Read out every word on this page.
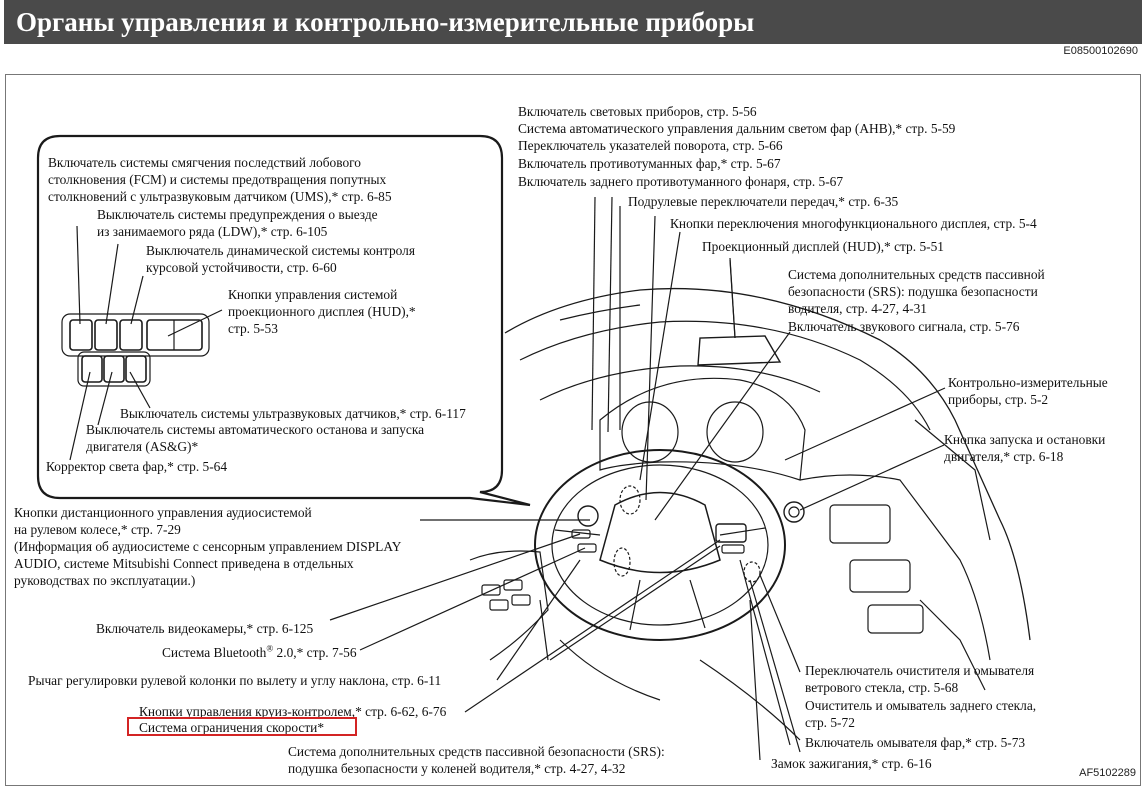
Органы управления и контрольно-измерительные приборы
E08500102690
Включатель световых приборов, стр. 5-56
Система автоматического управления дальним светом фар (AHB),* стр. 5-59
Переключатель указателей поворота, стр. 5-66
Включатель противотуманных фар,* стр. 5-67
Включатель заднего противотуманного фонаря, стр. 5-67
Подрулевые переключатели передач,* стр. 6-35
Кнопки переключения многофункционального дисплея, стр. 5-4
Проекционный дисплей (HUD),* стр. 5-51
Система дополнительных средств пассивной
безопасности (SRS): подушка безопасности
водителя, стр. 4-27, 4-31
Включатель звукового сигнала, стр. 5-76
Контрольно-измерительные
приборы, стр. 5-2
Кнопка запуска и остановки
двигателя,* стр. 6-18
Переключатель очистителя и омывателя
ветрового стекла, стр. 5-68
Очиститель и омыватель заднего стекла,
стр. 5-72
Включатель омывателя фар,* стр. 5-73
Замок зажигания,* стр. 6-16
Система дополнительных средств пассивной безопасности (SRS):
подушка безопасности у коленей водителя,* стр. 4-27, 4-32
Кнопки управления круиз-контролем,* стр. 6-62, 6-76
Система ограничения скорости*
Рычаг регулировки рулевой колонки по вылету и углу наклона, стр. 6-11
Система Bluetooth® 2.0,* стр. 7-56
Включатель видеокамеры,* стр. 6-125
Кнопки дистанционного управления аудиосистемой
на рулевом колесе,* стр. 7-29
(Информация об аудиосистеме с сенсорным управлением DISPLAY
AUDIO, системе Mitsubishi Connect приведена в отдельных
руководствах по эксплуатации.)
Включатель системы смягчения последствий лобового
столкновения (FCM) и системы предотвращения попутных
столкновений с ультразвуковым датчиком (UMS),* стр. 6-85
Выключатель системы предупреждения о выезде
из занимаемого ряда (LDW),* стр. 6-105
Выключатель динамической системы контроля
курсовой устойчивости, стр. 6-60
Кнопки управления системой
проекционного дисплея (HUD),*
стр. 5-53
Выключатель системы ультразвуковых датчиков,* стр. 6-117
Выключатель системы автоматического останова и запуска
двигателя (AS&G)*
Корректор света фар,* стр. 5-64
AF5102289
